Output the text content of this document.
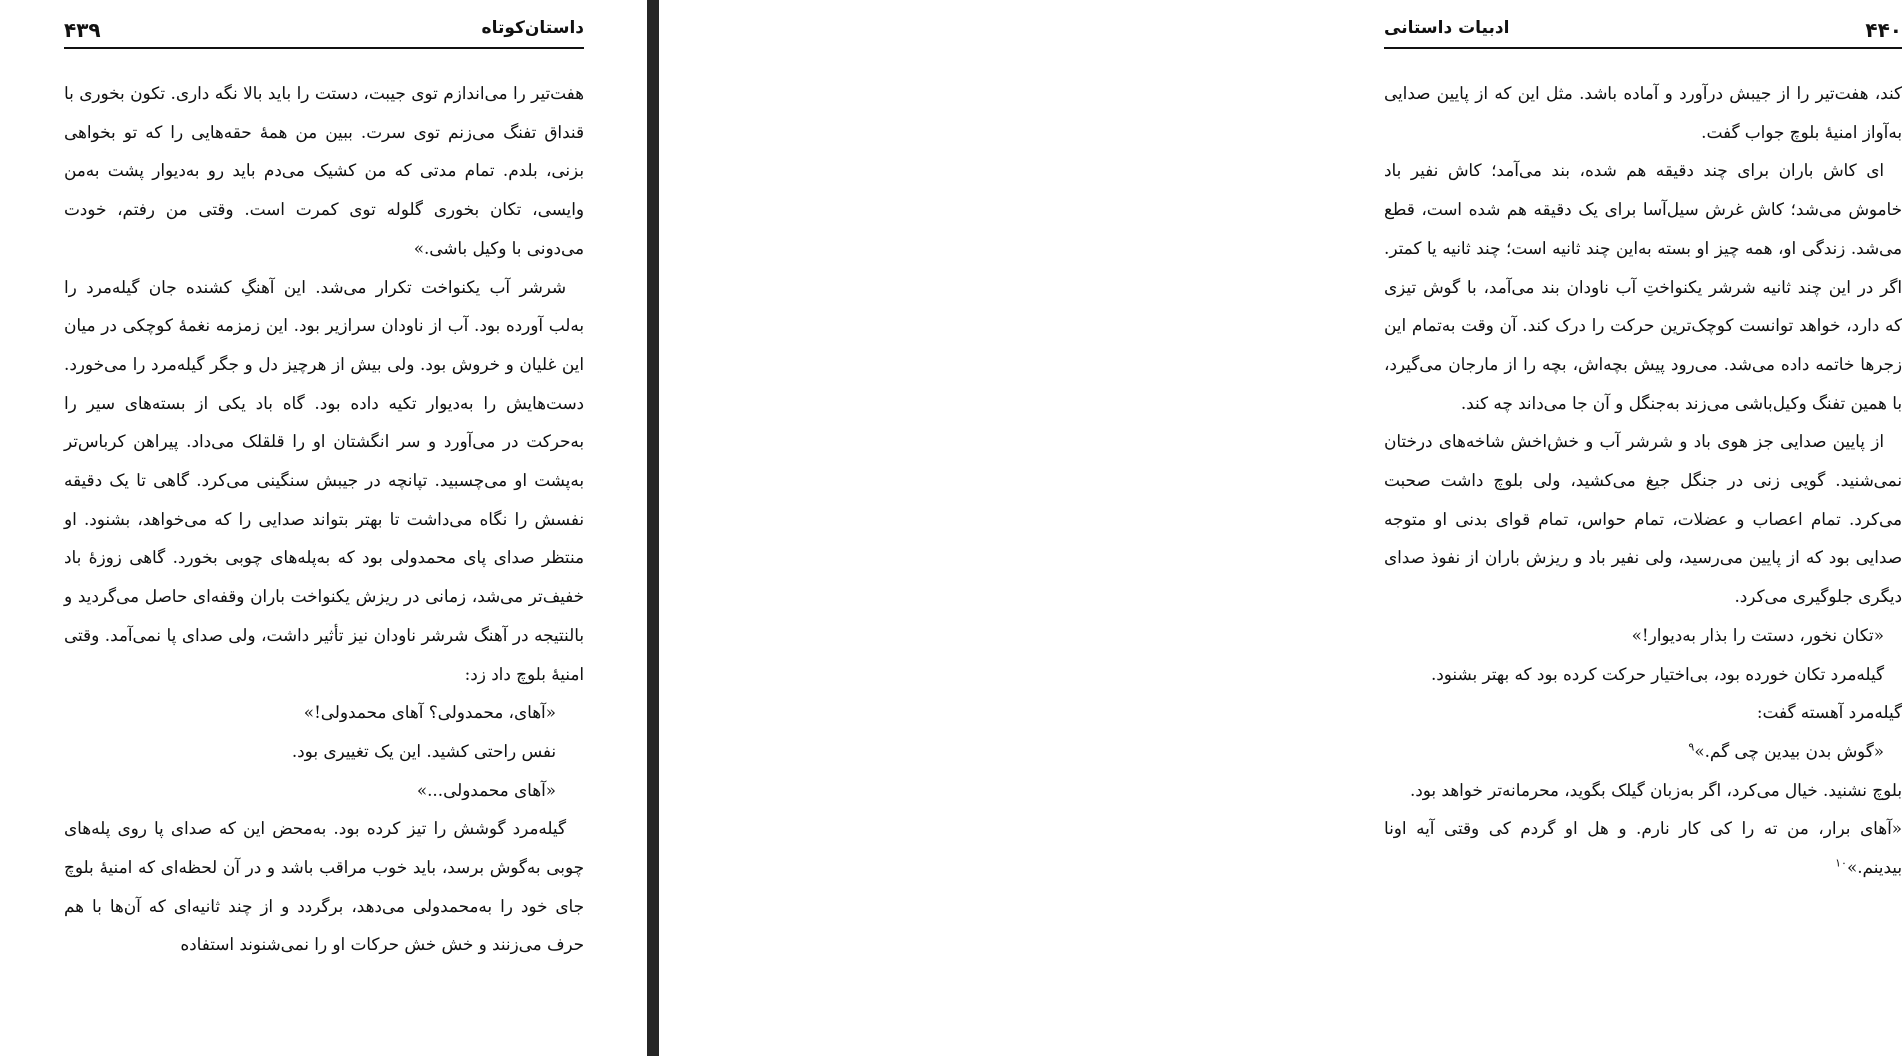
۴۳۹	داستان‌کوتاه

هفت‌تیر را می‌اندازم توی جیبت، دستت را باید بالا نگه داری. تکون بخوری با قنداق تفنگ می‌زنم توی سرت. ببین من همهٔ حقه‌هایی را که تو بخواهی بزنی، بلدم. تمام مدتی که من کشیک می‌دم باید رو به‌دیوار پشت به‌من وایسی، تکان بخوری گلوله توی کمرت است. وقتی من رفتم، خودت می‌دونی با وکیل باشی.»

شرشر آب یکنواخت تکرار می‌شد. این آهنگِ کشنده جان گیله‌مرد را به‌لب آورده بود. آب از ناودان سرازیر بود. این زمزمه نغمهٔ کوچکی در میان این غلیان و خروش بود. ولی بیش از هرچیز دل و جگر گیله‌مرد را می‌خورد. دست‌هایش را به‌دیوار تکیه داده بود. گاه باد یکی از بسته‌های سیر را به‌حرکت در می‌آورد و سر انگشتان او را قلقلک می‌داد. پیراهن کرباس‌تر به‌پشت او می‌چسبید. تپانچه در جیبش سنگینی می‌کرد. گاهی تا یک دقیقه نفسش را نگاه می‌داشت تا بهتر بتواند صدایی را که می‌خواهد، بشنود. او منتظر صدای پای محمدولی بود که به‌پله‌های چوبی بخورد. گاهی زوزهٔ باد خفیف‌تر می‌شد، زمانی در ریزش یکنواخت باران وقفه‌ای حاصل می‌گردید و بالنتیجه در آهنگ شرشر ناودان نیز تأثیر داشت، ولی صدای پا نمی‌آمد. وقتی امنیهٔ بلوچ داد زد:

«آهای، محمدولی؟ آهای محمدولی!»

نفس راحتی کشید. این یک تغییری بود.

«آهای محمدولی...»

گیله‌مرد گوشش را تیز کرده بود. به‌محض این که صدای پا روی پله‌های چوبی به‌گوش برسد، باید خوب مراقب باشد و در آن لحظه‌ای که امنیهٔ بلوچ جای خود را به‌محمدولی می‌دهد، برگردد و از چند ثانیه‌ای که آن‌ها با هم حرف می‌زنند و خش خش حرکات او را نمی‌شنوند استفاده

۴۴۰
ادبیات داستانی

کند، هفت‌تیر را از جیبش درآورد و آماده باشد. مثل این که از پایین صدایی به‌آواز امنیهٔ بلوچ جواب گفت.

ای کاش باران برای چند دقیقه هم شده، بند می‌آمد؛ کاش نفیر باد خاموش می‌شد؛ کاش غرش سیل‌آسا برای یک دقیقه هم شده است، قطع می‌شد. زندگی او، همه چیز او بسته به‌این چند ثانیه است؛ چند ثانیه یا کمتر. اگر در این چند ثانیه شرشر یکنواختِ آب ناودان بند می‌آمد، با گوش تیزی که دارد، خواهد توانست کوچک‌ترین حرکت را درک کند. آن وقت به‌تمام این زجرها خاتمه داده می‌شد. می‌رود پیش بچه‌اش، بچه را از مارجان می‌گیرد، با همین تفنگ وکیل‌باشی می‌زند به‌جنگل و آن جا می‌داند چه کند.

از پایین صدایی جز هوی باد و شرشر آب و خش‌اخش شاخه‌های درختان نمی‌شنید. گویی زنی در جنگل جیغ می‌کشید، ولی بلوچ داشت صحبت می‌کرد. تمام اعصاب و عضلات، تمام حواس، تمام قوای بدنی او متوجه صدایی بود که از پایین می‌رسید، ولی نفیر باد و ریزش باران از نفوذ صدای دیگری جلوگیری می‌کرد.

«تکان نخور، دستت را بذار به‌دیوار!»

گیله‌مرد تکان خورده بود، بی‌اختیار حرکت کرده بود که بهتر بشنود.

گیله‌مرد آهسته گفت:

«گوش بدن بیدین چی گم.»$^۹$

بلوچ نشنید. خیال می‌کرد، اگر به‌زبان گیلک بگوید، محرمانه‌تر خواهد بود.

«آهای برار، من ته را کی کار نارم. و هل او گردم کی وقتی آیه اونا بیدینم.»$^{۱۰}$
